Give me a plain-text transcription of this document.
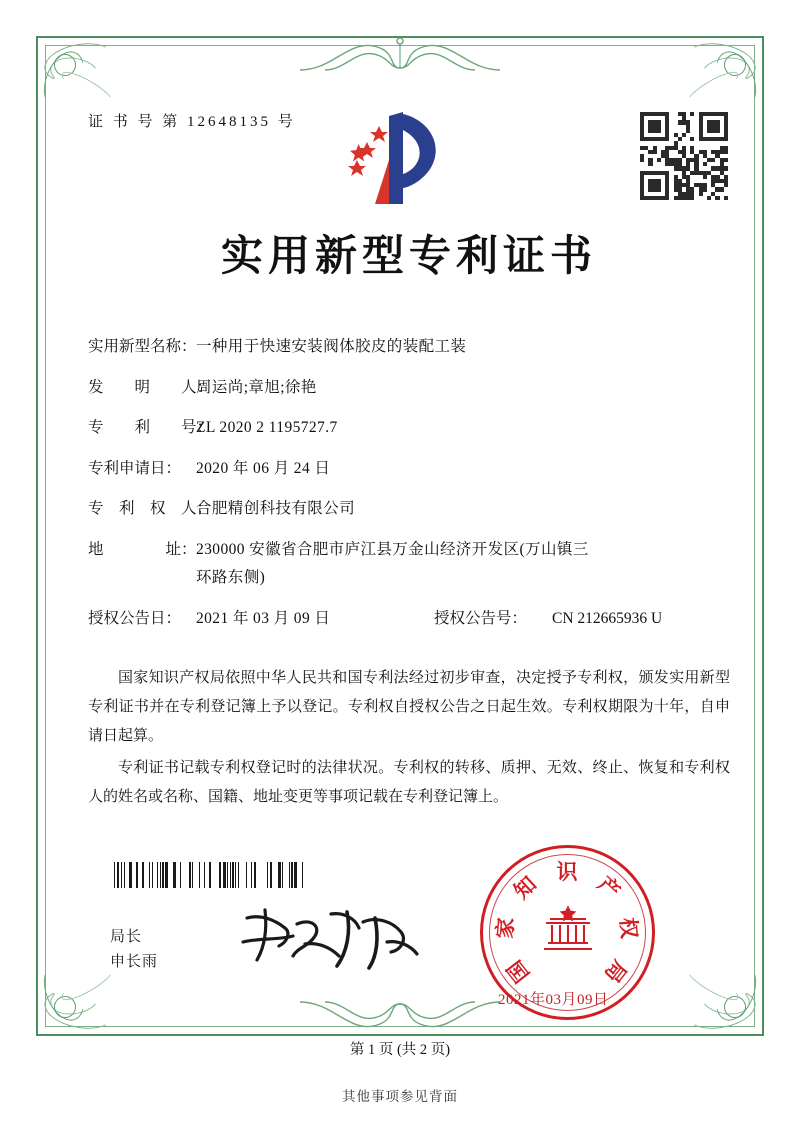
证 书 号 第 12648135 号
实用新型专利证书
实用新型名称： 一种用于快速安装阀体胶皮的装配工装
发　　明　　人：
周运尚;章旭;徐艳
专　　利　　号：
ZL 2020 2 1195727.7
专利申请日： 2020 年 06 月 24 日
专　利　权　人：
合肥精创科技有限公司
地　　　　址： 230000 安徽省合肥市庐江县万金山经济开发区(万山镇三
环路东侧)
授权公告日： 2021 年 03 月 09 日	授权公告号：	CN 212665936 U

国家知识产权局依照中华人民共和国专利法经过初步审查，决定授予专利权，颁发实用新型专利证书并在专利登记簿上予以登记。专利权自授权公告之日起生效。专利权期限为十年，自申请日起算。

专利证书记载专利权登记时的法律状况。专利权的转移、质押、无效、终止、恢复和专利权人的姓名或名称、国籍、地址变更等事项记载在专利登记簿上。

局长
申长雨	国
家
知
识
产
权
局
2021年03月09日
第 1 页 (共 2 页)
其他事项参见背面
